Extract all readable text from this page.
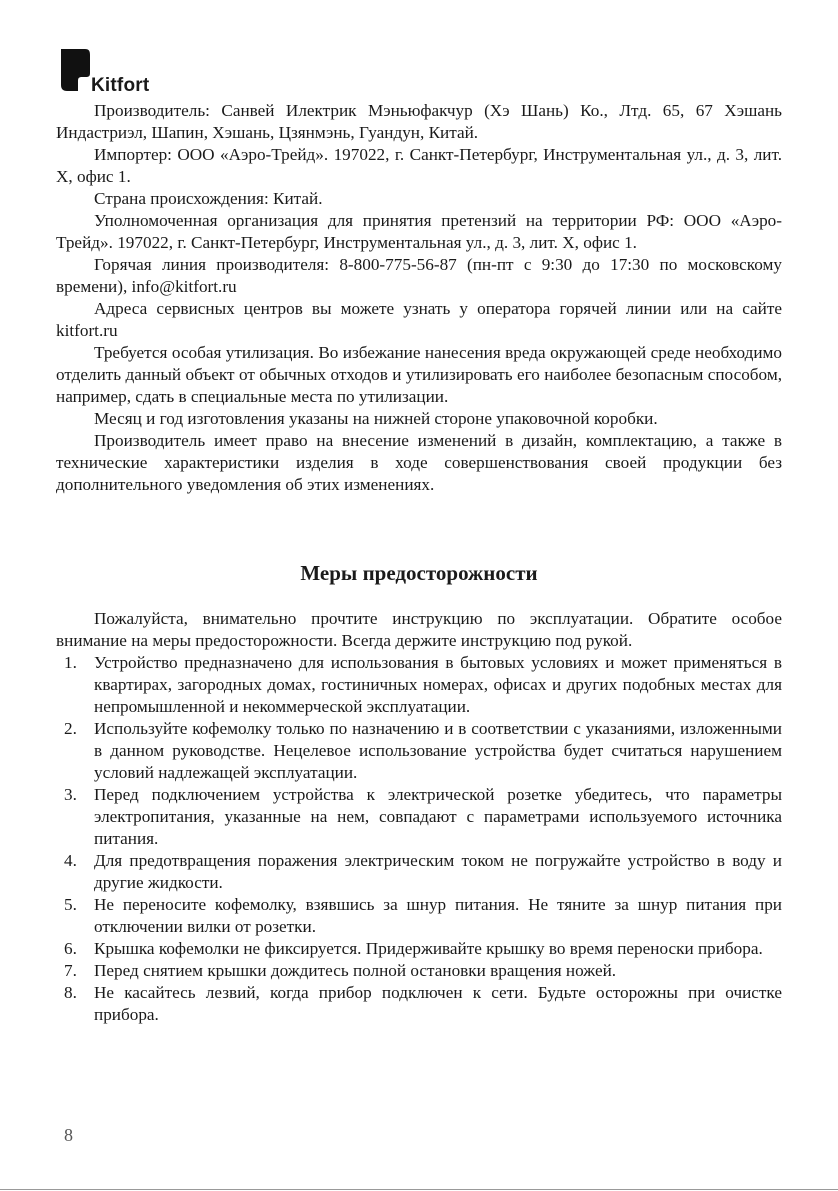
Kitfort

Производитель: Санвей Илектрик Мэньюфакчур (Хэ Шань) Ко., Лтд. 65, 67 Хэшань Индастриэл, Шапин, Хэшань, Цзянмэнь, Гуандун, Китай.

Импортер: ООО «Аэро-Трейд». 197022, г. Санкт-Петербург, Инструментальная ул., д. 3, лит. Х, офис 1.

Страна происхождения: Китай.

Уполномоченная организация для принятия претензий на территории РФ: ООО «Аэро-Трейд». 197022, г. Санкт-Петербург, Инструментальная ул., д. 3, лит. Х, офис 1.

Горячая линия производителя: 8-800-775-56-87 (пн-пт с 9:30 до 17:30 по московскому времени), info@kitfort.ru

Адреса сервисных центров вы можете узнать у оператора горячей линии или на сайте kitfort.ru

Требуется особая утилизация. Во избежание нанесения вреда окружающей среде необходимо отделить данный объект от обычных отходов и утилизировать его наиболее безопасным способом, например, сдать в специальные места по утилизации.

Месяц и год изготовления указаны на нижней стороне упаковочной коробки.

Производитель имеет право на внесение изменений в дизайн, комплектацию, а также в технические характеристики изделия в ходе совершенствования своей продукции без дополнительного уведомления об этих изменениях.

Меры предосторожности

Пожалуйста, внимательно прочтите инструкцию по эксплуатации. Обратите особое внимание на меры предосторожности. Всегда держите инструкцию под рукой.

1. Устройство предназначено для использования в бытовых условиях и может применяться в квартирах, загородных домах, гостиничных номерах, офисах и других подобных местах для непромышленной и некоммерческой эксплуатации.
2. Используйте кофемолку только по назначению и в соответствии с указаниями, изложенными в данном руководстве. Нецелевое использование устройства будет считаться нарушением условий надлежащей эксплуатации.
3. Перед подключением устройства к электрической розетке убедитесь, что параметры электропитания, указанные на нем, совпадают с параметрами используемого источника питания.
4. Для предотвращения поражения электрическим током не погружайте устройство в воду и другие жидкости.
5. Не переносите кофемолку, взявшись за шнур питания. Не тяните за шнур питания при отключении вилки от розетки.
6. Крышка кофемолки не фиксируется. Придерживайте крышку во время переноски прибора.
7. Перед снятием крышки дождитесь полной остановки вращения ножей.
8. Не касайтесь лезвий, когда прибор подключен к сети. Будьте осторожны при очистке прибора.
8
